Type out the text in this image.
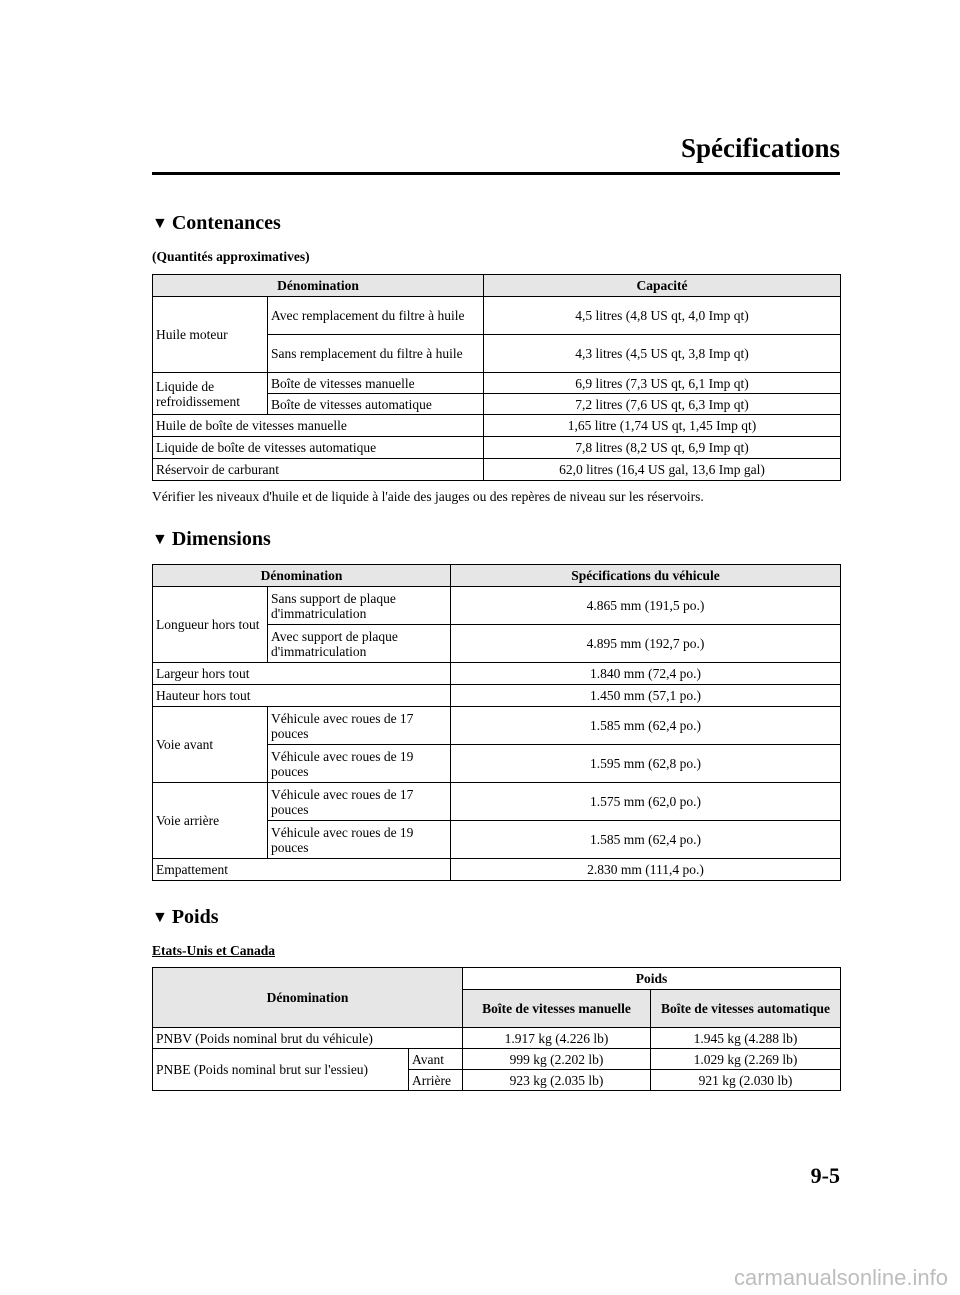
Spécifications
▼ Contenances
(Quantités approximatives)
Dénomination		Capacité
Huile moteur	Avec remplacement du filtre à huile	4,5 litres (4,8 US qt, 4,0 Imp qt)
	Sans remplacement du filtre à huile	4,3 litres (4,5 US qt, 3,8 Imp qt)
Liquide de refroidissement	Boîte de vitesses manuelle	6,9 litres (7,3 US qt, 6,1 Imp qt)
	Boîte de vitesses automatique	7,2 litres (7,6 US qt, 6,3 Imp qt)
Huile de boîte de vitesses manuelle		1,65 litre (1,74 US qt, 1,45 Imp qt)
Liquide de boîte de vitesses automatique		7,8 litres (8,2 US qt, 6,9 Imp qt)
Réservoir de carburant		62,0 litres (16,4 US gal, 13,6 Imp gal)
Vérifier les niveaux d'huile et de liquide à l'aide des jauges ou des repères de niveau sur les réservoirs.
▼ Dimensions
Dénomination		Spécifications du véhicule
Longueur hors tout	Sans support de plaque d'immatriculation	4.865 mm (191,5 po.)
	Avec support de plaque d'immatriculation	4.895 mm (192,7 po.)
Largeur hors tout		1.840 mm (72,4 po.)
Hauteur hors tout		1.450 mm (57,1 po.)
Voie avant	Véhicule avec roues de 17 pouces	1.585 mm (62,4 po.)
	Véhicule avec roues de 19 pouces	1.595 mm (62,8 po.)
Voie arrière	Véhicule avec roues de 17 pouces	1.575 mm (62,0 po.)
	Véhicule avec roues de 19 pouces	1.585 mm (62,4 po.)
Empattement		2.830 mm (111,4 po.)
▼ Poids
Etats-Unis et Canada
Dénomination		Poids	
		Boîte de vitesses manuelle	Boîte de vitesses automatique
PNBV (Poids nominal brut du véhicule)		1.917 kg (4.226 lb)	1.945 kg (4.288 lb)
PNBE (Poids nominal brut sur l'essieu)	Avant	999 kg (2.202 lb)	1.029 kg (2.269 lb)
	Arrière	923 kg (2.035 lb)	921 kg (2.030 lb)
9-5
carmanualsonline.info
